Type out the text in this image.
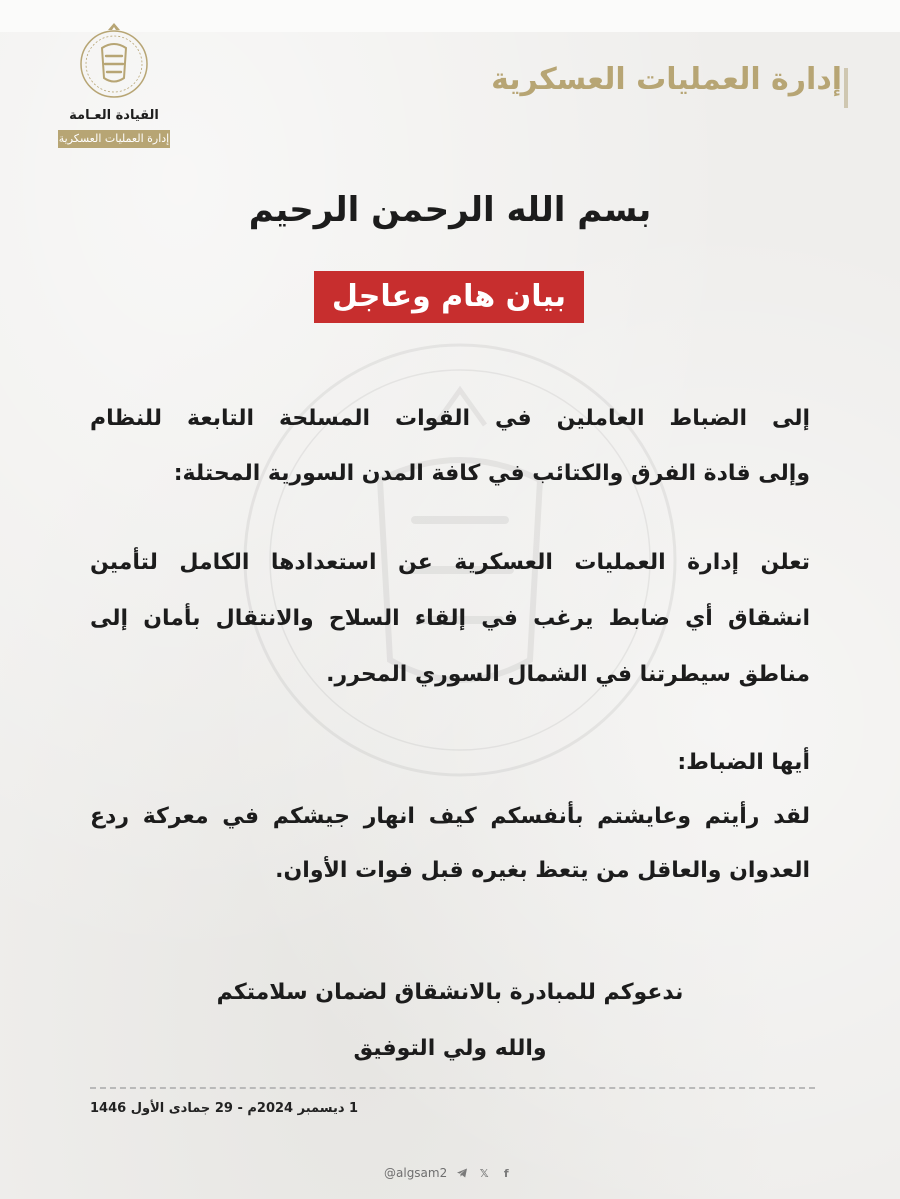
إدارة العمليات العسكرية
القيادة العـامة
إدارة العمليات العسكرية
بسم الله الرحمن الرحيم
بيان هام وعاجل
إلى الضباط العاملين في القوات المسلحة التابعة للنظام
وإلى قادة الفرق والكتائب في كافة المدن السورية المحتلة:
تعلن إدارة العمليات العسكرية عن استعدادها الكامل لتأمين
انشقاق أي ضابط يرغب في إلقاء السلاح والانتقال بأمان إلى
مناطق سيطرتنا في الشمال السوري المحرر.
أيها الضباط:
لقد رأيتم وعايشتم بأنفسكم كيف انهار جيشكم في معركة ردع
العدوان والعاقل من يتعظ بغيره قبل فوات الأوان.
ندعوكم للمبادرة بالانشقاق لضمان سلامتكم
والله ولي التوفيق
1 ديسمبر 2024م - 29 جمادى الأول 1446
f
𝕏
@algsam2
